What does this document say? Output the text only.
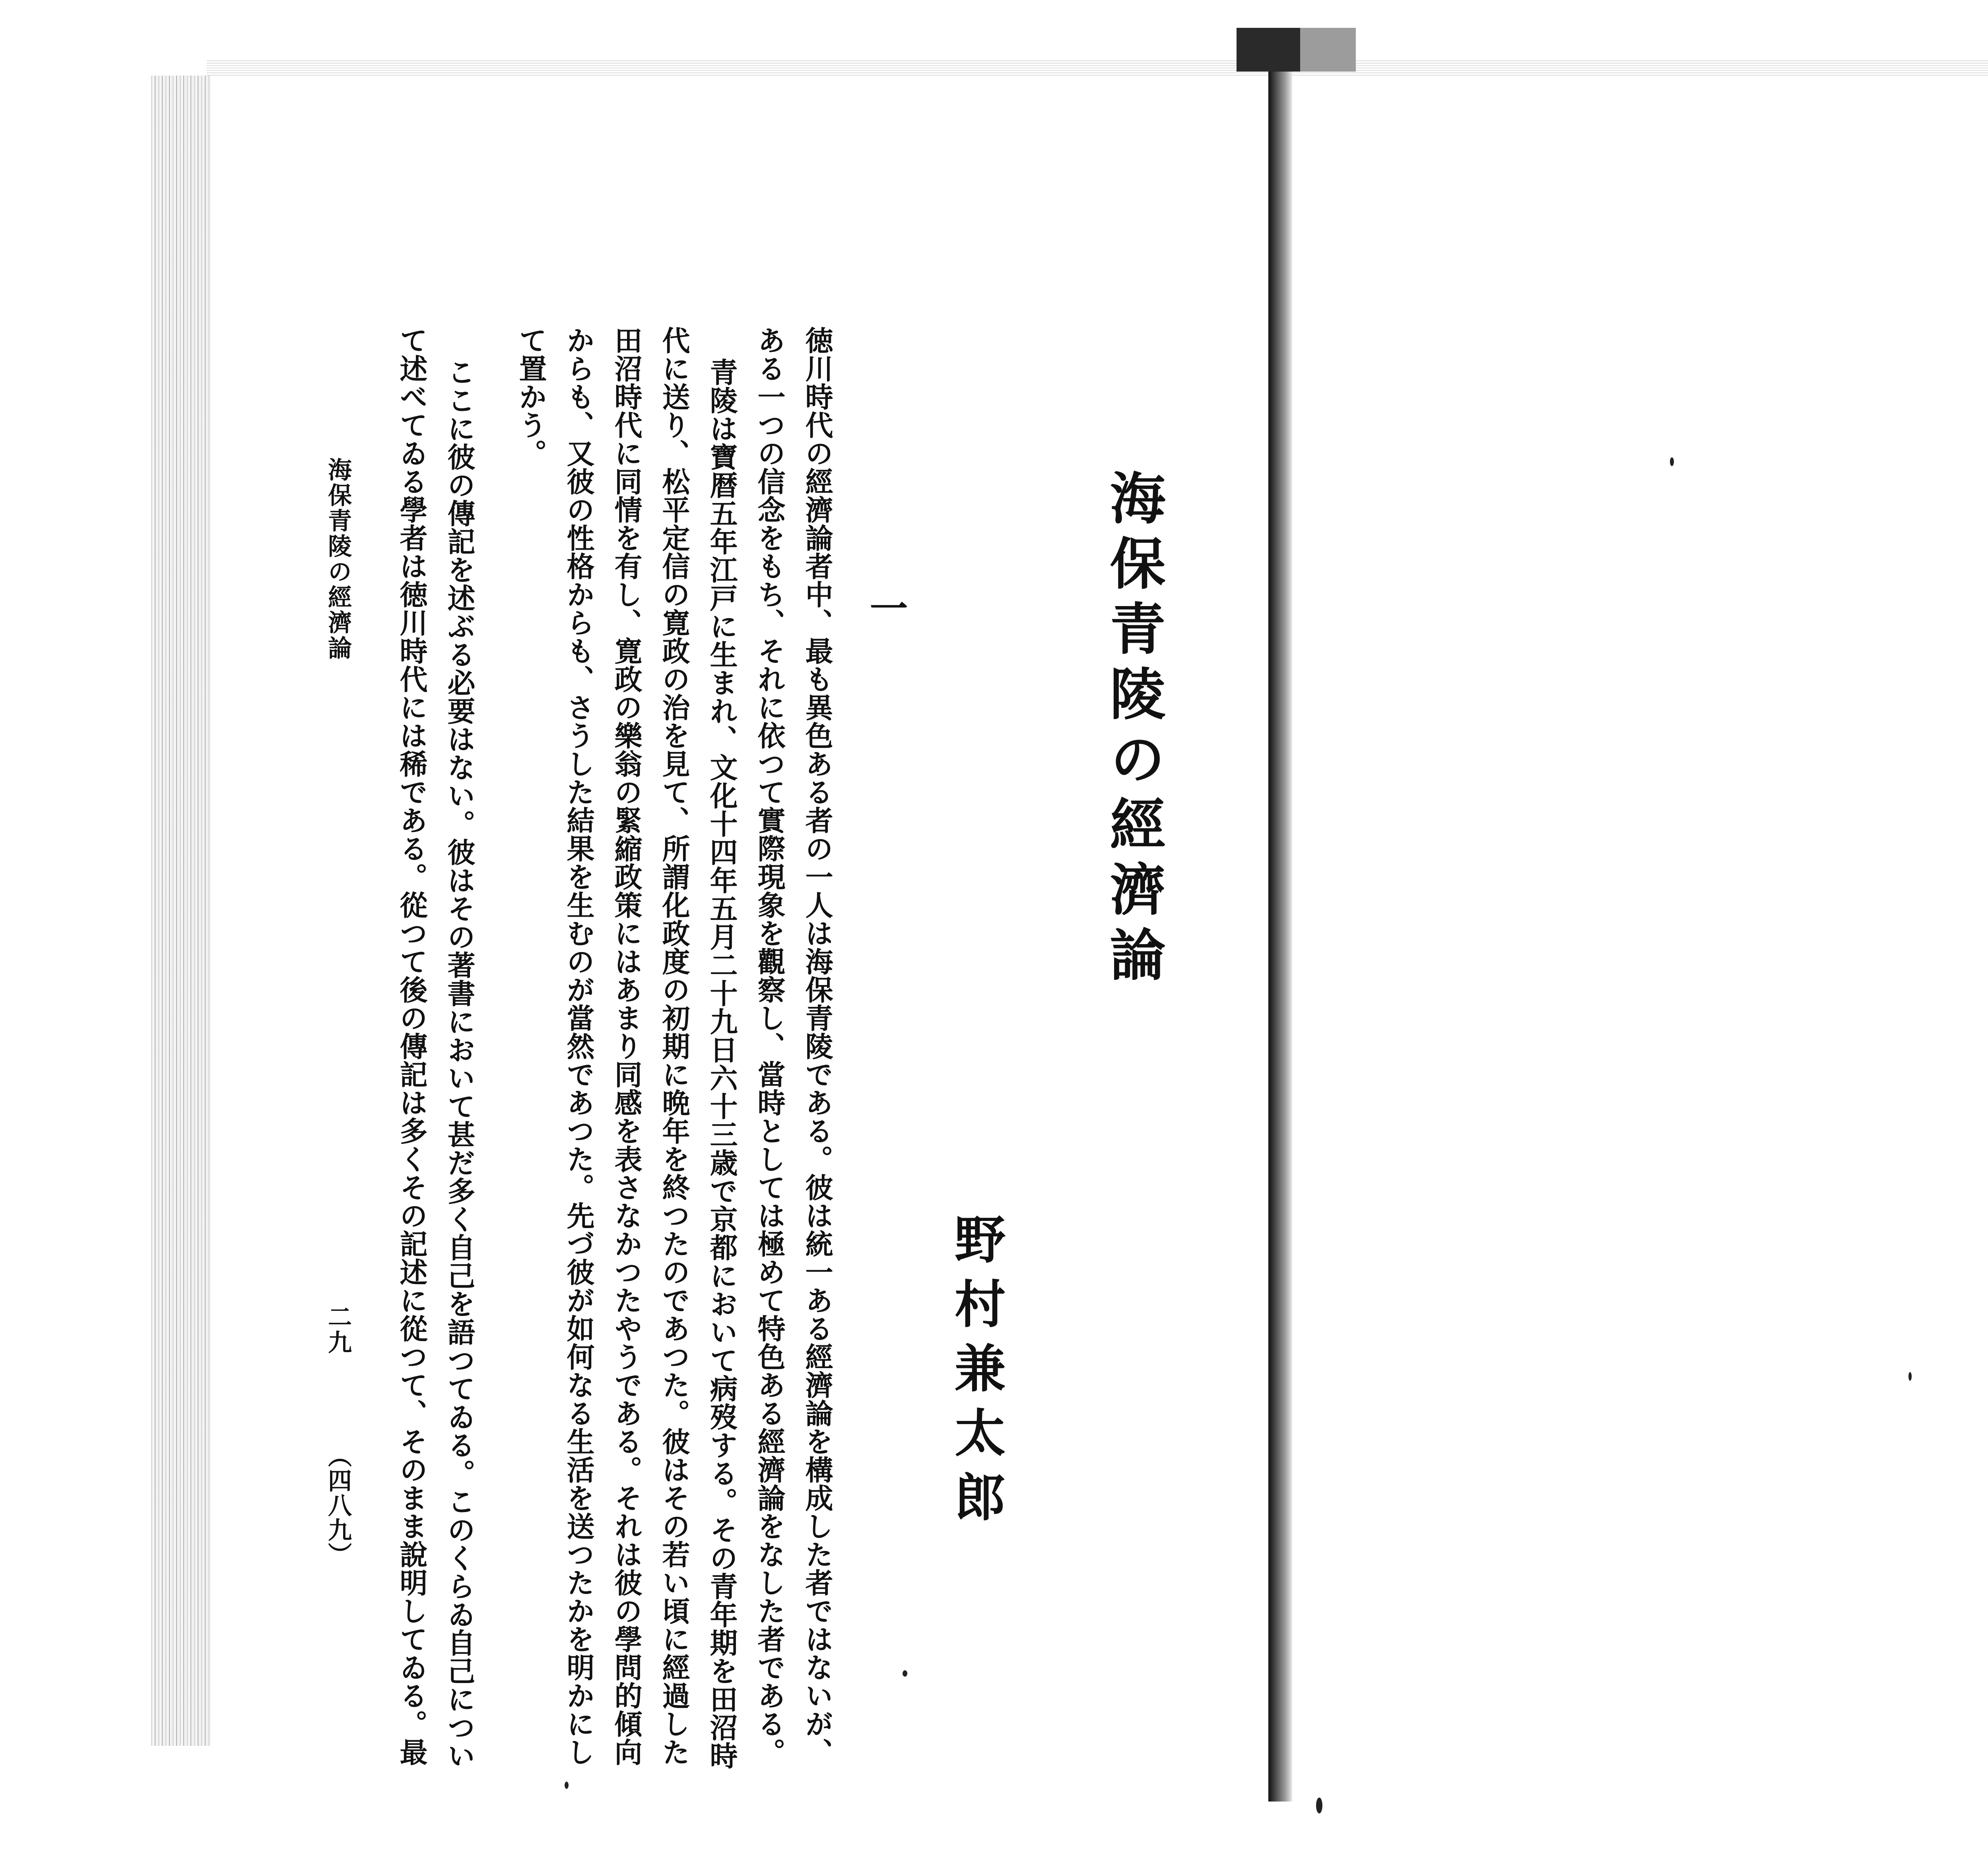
海保青陵の經濟論
野村兼太郎
一
徳川時代の經濟論者中、最も異色ある者の一人は海保青陵である。彼は統一ある經濟論を構成した者ではないが、
ある一つの信念をもち、それに依つて實際現象を觀察し、當時としては極めて特色ある經濟論をなした者である。
青陵は寶暦五年江戸に生まれ、文化十四年五月二十九日六十三歳で京都において病歿する。その青年期を田沼時
代に送り、松平定信の寛政の治を見て、所謂化政度の初期に晩年を終つたのであつた。彼はその若い頃に經過した
田沼時代に同情を有し、寛政の樂翁の緊縮政策にはあまり同感を表さなかつたやうである。それは彼の學問的傾向
からも、又彼の性格からも、さうした結果を生むのが當然であつた。先づ彼が如何なる生活を送つたかを明かにし
て置かう。
ここに彼の傳記を述ぶる必要はない。彼はその著書において甚だ多く自己を語つてゐる。このくらゐ自己につい
て述べてゐる學者は徳川時代には稀である。從つて後の傳記は多くその記述に從つて、そのまま說明してゐる。最
海保青陵の經濟論
二九
（四八九）
